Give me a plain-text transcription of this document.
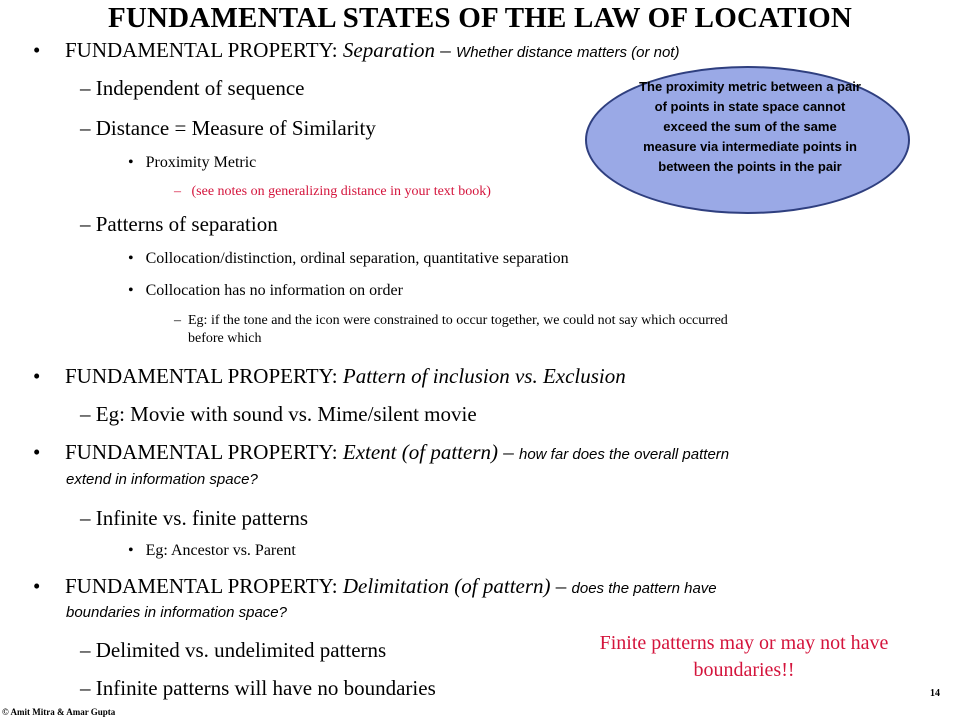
FUNDAMENTAL STATES OF THE LAW OF LOCATION
• FUNDAMENTAL PROPERTY: Separation – Whether distance matters (or not)
– Independent of sequence
– Distance = Measure of Similarity
• Proximity Metric
– (see notes on generalizing distance in your text book)
– Patterns of separation
• Collocation/distinction, ordinal separation, quantitative separation
• Collocation has no information on order
– Eg: if the tone and the icon were constrained to occur together, we could not say which occurred
before which
• FUNDAMENTAL PROPERTY: Pattern of inclusion vs. Exclusion
– Eg: Movie with sound vs. Mime/silent movie
• FUNDAMENTAL PROPERTY: Extent (of pattern) – how far does the overall pattern
extend in information space?
– Infinite vs. finite patterns
• Eg: Ancestor vs. Parent
• FUNDAMENTAL PROPERTY: Delimitation (of pattern) – does the pattern have
boundaries in information space?
– Delimited vs. undelimited patterns
– Infinite patterns will have no boundaries
The proximity metric between a pair of points in state space cannot exceed the sum of the same measure via intermediate points in between the points in the pair
Finite patterns may or may not have boundaries!!
14
© Amit Mitra & Amar Gupta
